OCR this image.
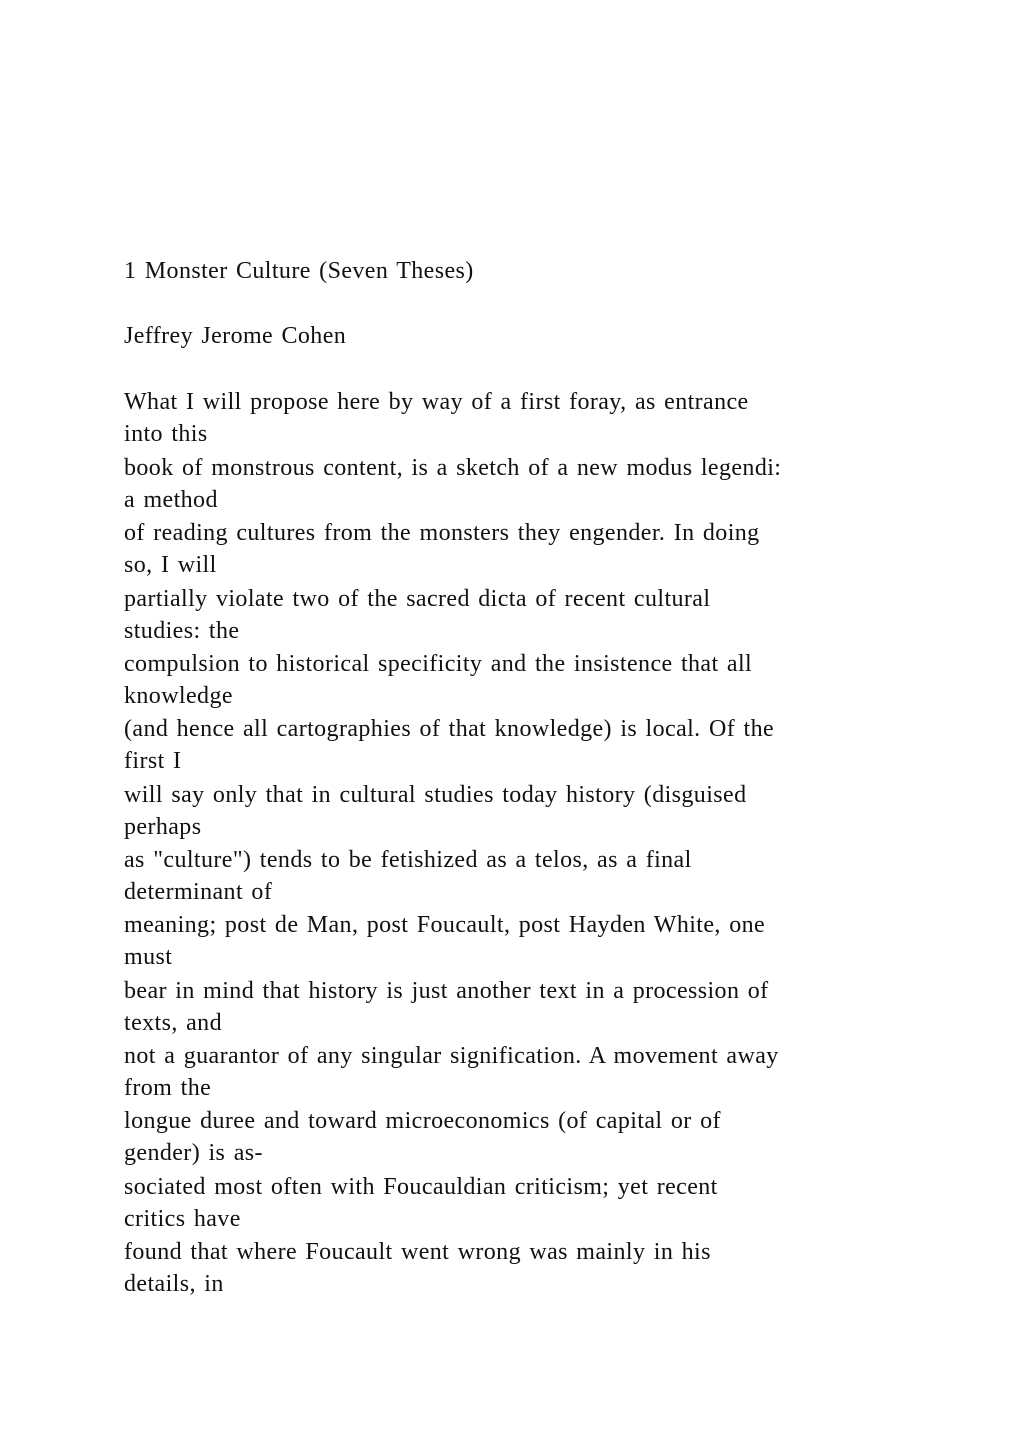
1 Monster Culture (Seven Theses)
Jeffrey Jerome Cohen
What I will propose here by way of a first foray, as entrance
into this
book of monstrous content, is a sketch of a new modus legendi:
a method
of reading cultures from the monsters they engender. In doing
so, I will
partially violate two of the sacred dicta of recent cultural
studies: the
compulsion to historical specificity and the insistence that all
knowledge
(and hence all cartographies of that knowledge) is local. Of the
first I
will say only that in cultural studies today history (disguised
perhaps
as "culture") tends to be fetishized as a telos, as a final
determinant of
meaning; post de Man, post Foucault, post Hayden White, one
must
bear in mind that history is just another text in a procession of
texts, and
not a guarantor of any singular signification. A movement away
from the
longue duree and toward microeconomics (of capital or of
gender) is as-
sociated most often with Foucauldian criticism; yet recent
critics have
found that where Foucault went wrong was mainly in his
details, in
